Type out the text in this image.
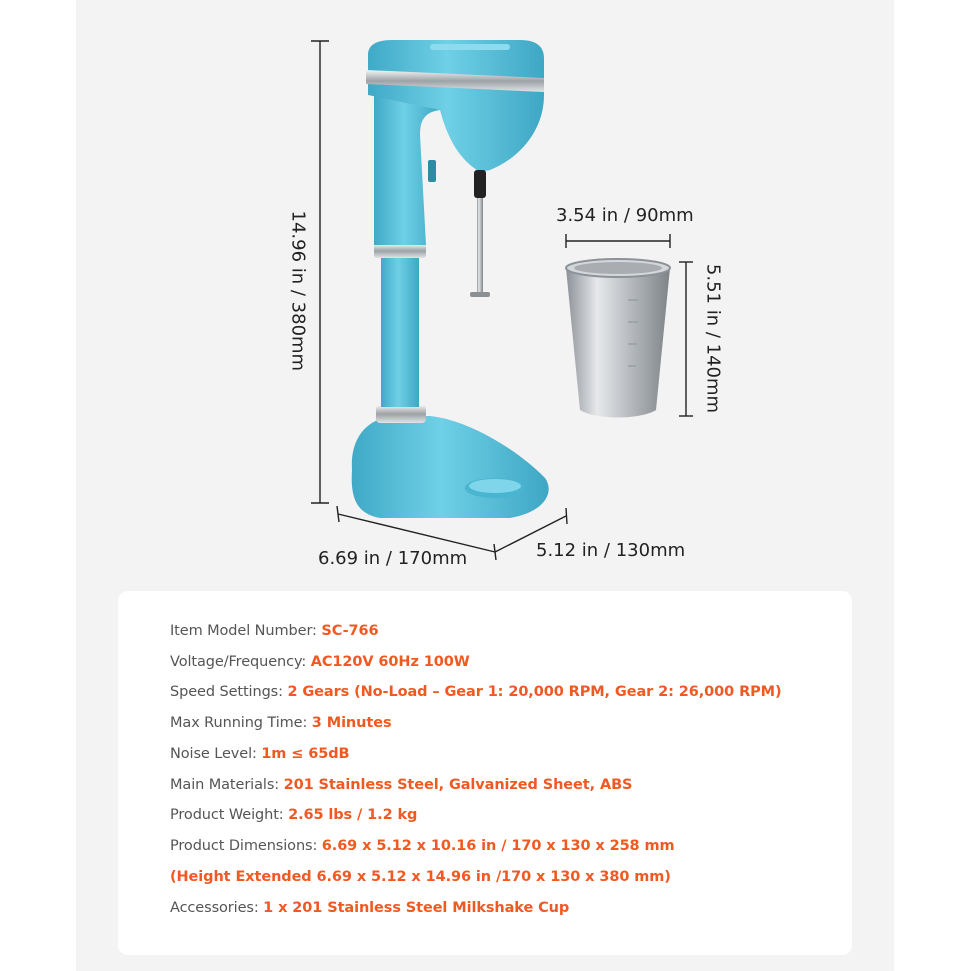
14.96 in / 380mm
6.69 in / 170mm	5.12 in / 130mm
3.54 in / 90mm
5.51 in / 140mm
Item Model Number: SC-766
Voltage/Frequency: AC120V 60Hz 100W
Speed Settings: 2 Gears (No-Load – Gear 1: 20,000 RPM, Gear 2: 26,000 RPM)
Max Running Time: 3 Minutes
Noise Level: 1m ≤ 65dB
Main Materials: 201 Stainless Steel, Galvanized Sheet, ABS
Product Weight: 2.65 lbs / 1.2 kg
Product Dimensions: 6.69 x 5.12 x 10.16 in / 170 x 130 x 258 mm
(Height Extended 6.69 x 5.12 x 14.96 in /170 x 130 x 380 mm)
Accessories: 1 x 201 Stainless Steel Milkshake Cup
